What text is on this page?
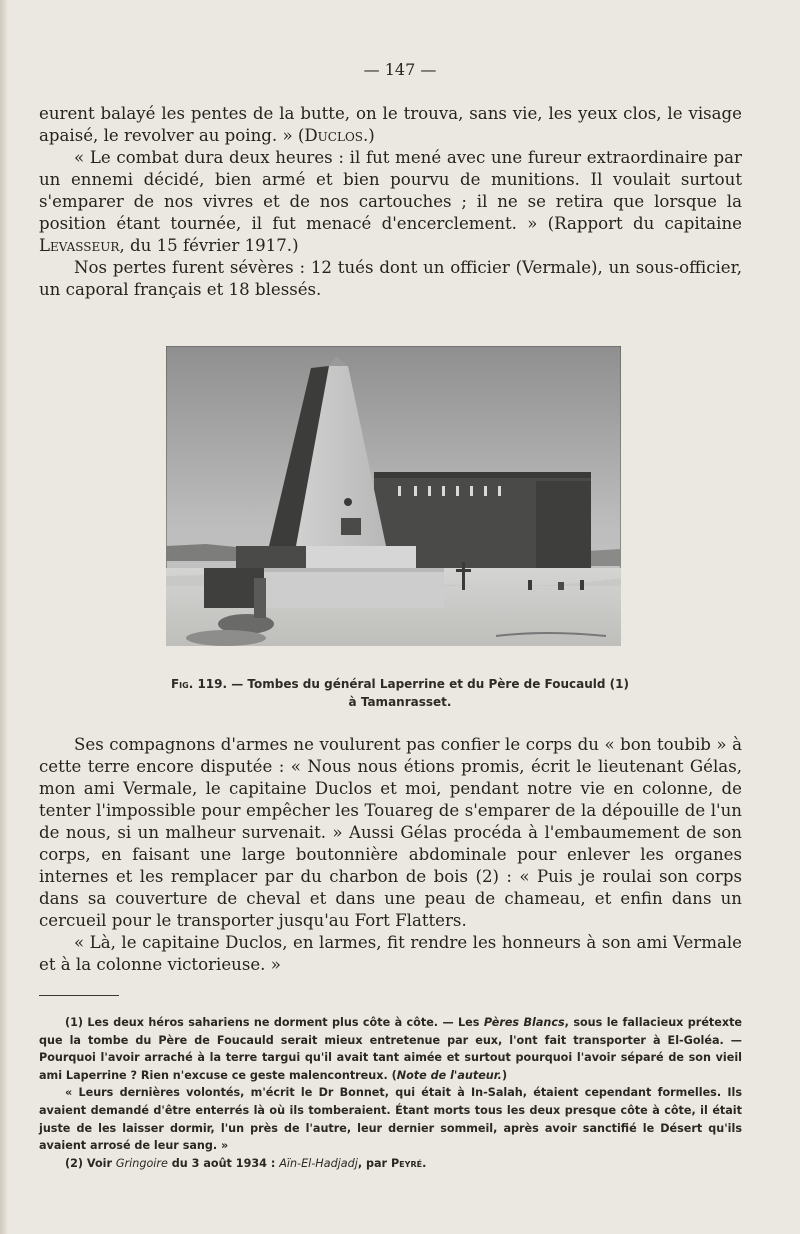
— 147 —

eurent balayé les pentes de la butte, on le trouva, sans vie, les yeux clos, le visage apaisé, le revolver au poing. » (Duclos.)

« Le combat dura deux heures : il fut mené avec une fureur extraordinaire par un ennemi décidé, bien armé et bien pourvu de munitions. Il voulait surtout s'emparer de nos vivres et de nos cartouches ; il ne se retira que lorsque la position étant tournée, il fut menacé d'encerclement. » (Rapport du capitaine Levasseur, du 15 février 1917.)

Nos pertes furent sévères : 12 tués dont un officier (Vermale), un sous-officier, un caporal français et 18 blessés.

Fig. 119. — Tombes du général Laperrine et du Père de Foucauld (1)
à Tamanrasset.

Ses compagnons d'armes ne voulurent pas confier le corps du « bon toubib » à cette terre encore disputée : « Nous nous étions promis, écrit le lieutenant Gélas, mon ami Vermale, le capitaine Duclos et moi, pendant notre vie en colonne, de tenter l'impossible pour empêcher les Touareg de s'emparer de la dépouille de l'un de nous, si un malheur survenait. » Aussi Gélas procéda à l'embaumement de son corps, en faisant une large boutonnière abdominale pour enlever les organes internes et les remplacer par du charbon de bois (2) : « Puis je roulai son corps dans sa couverture de cheval et dans une peau de chameau, et enfin dans un cercueil pour le transporter jusqu'au Fort Flatters.

« Là, le capitaine Duclos, en larmes, fit rendre les honneurs à son ami Vermale et à la colonne victorieuse. »

(1) Les deux héros sahariens ne dorment plus côte à côte. — Les Pères Blancs, sous le fallacieux prétexte que la tombe du Père de Foucauld serait mieux entretenue par eux, l'ont fait transporter à El-Goléa. — Pourquoi l'avoir arraché à la terre targui qu'il avait tant aimée et surtout pourquoi l'avoir séparé de son vieil ami Laperrine ? Rien n'excuse ce geste malencontreux. (Note de l'auteur.)

« Leurs dernières volontés, m'écrit le Dr Bonnet, qui était à In-Salah, étaient cependant formelles. Ils avaient demandé d'être enterrés là où ils tomberaient. Étant morts tous les deux presque côte à côte, il était juste de les laisser dormir, l'un près de l'autre, leur dernier sommeil, après avoir sanctifié le Désert qu'ils avaient arrosé de leur sang. »

(2) Voir Gringoire du 3 août 1934 : Aïn-El-Hadjadj, par Peyré.
